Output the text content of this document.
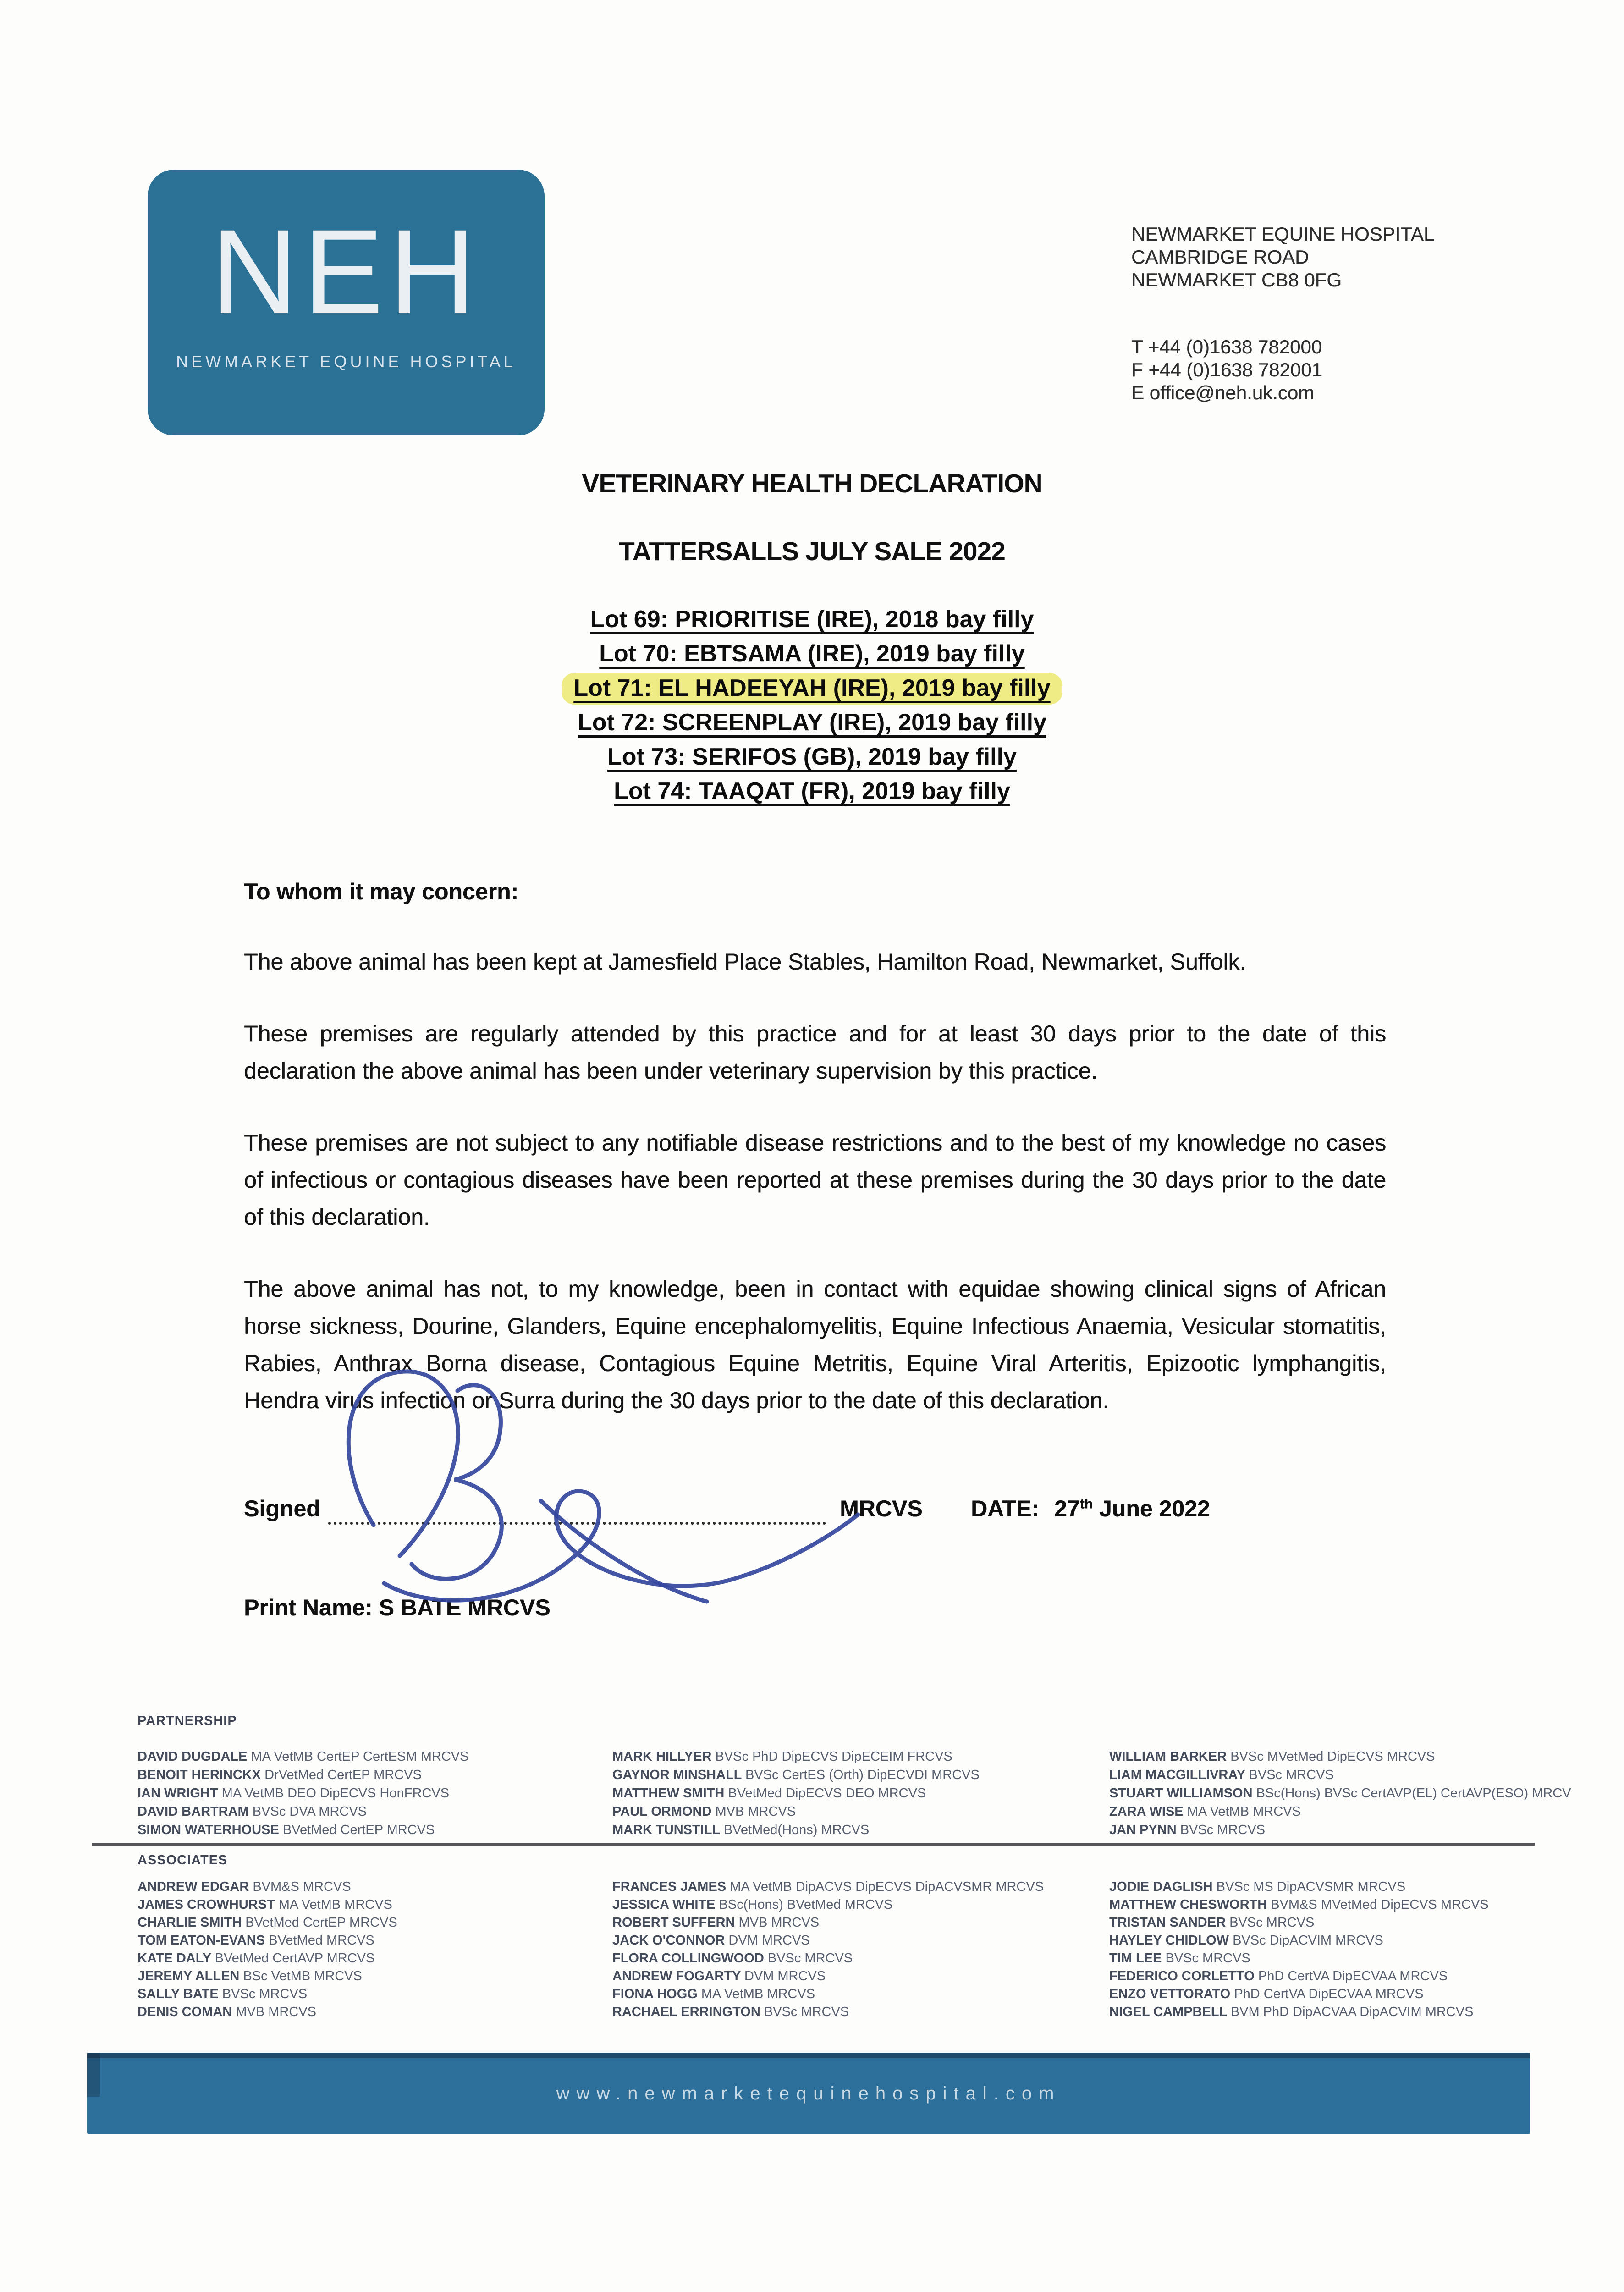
NEH
NEWMARKET EQUINE HOSPITAL
NEWMARKET EQUINE HOSPITAL
CAMBRIDGE ROAD
NEWMARKET CB8 0FG
T +44 (0)1638 782000
F +44 (0)1638 782001
E office@neh.uk.com
VETERINARY HEALTH DECLARATION
TATTERSALLS JULY SALE 2022
Lot 69: PRIORITISE (IRE), 2018 bay filly
Lot 70: EBTSAMA (IRE), 2019 bay filly
Lot 71: EL HADEEYAH (IRE), 2019 bay filly
Lot 72: SCREENPLAY (IRE), 2019 bay filly
Lot 73: SERIFOS (GB), 2019 bay filly
Lot 74: TAAQAT (FR), 2019 bay filly
To whom it may concern:
The above animal has been kept at Jamesfield Place Stables, Hamilton Road, Newmarket, Suffolk.
These premises are regularly attended by this practice and for at least 30 days prior to the date of this declaration the above animal has been under veterinary supervision by this practice.
These premises are not subject to any notifiable disease restrictions and to the best of my knowledge no cases of infectious or contagious diseases have been reported at these premises during the 30 days prior to the date of this declaration.
The above animal has not, to my knowledge, been in contact with equidae showing clinical signs of African horse sickness, Dourine, Glanders, Equine encephalomyelitis, Equine Infectious Anaemia, Vesicular stomatitis, Rabies, Anthrax Borna disease, Contagious Equine Metritis, Equine Viral Arteritis, Epizootic lymphangitis, Hendra virus infection or Surra during the 30 days prior to the date of this declaration.
Signed	MRCVS DATE: 27th June 2022
Print Name: S BATE MRCVS
PARTNERSHIP
DAVID DUGDALE MA VetMB CertEP CertESM MRCVS
BENOIT HERINCKX DrVetMed CertEP MRCVS
IAN WRIGHT MA VetMB DEO DipECVS HonFRCVS
DAVID BARTRAM BVSc DVA MRCVS
SIMON WATERHOUSE BVetMed CertEP MRCVS
MARK HILLYER BVSc PhD DipECVS DipECEIM FRCVS
GAYNOR MINSHALL BVSc CertES (Orth) DipECVDI MRCVS
MATTHEW SMITH BVetMed DipECVS DEO MRCVS
PAUL ORMOND MVB MRCVS
MARK TUNSTILL BVetMed(Hons) MRCVS
WILLIAM BARKER BVSc MVetMed DipECVS MRCVS
LIAM MACGILLIVRAY BVSc MRCVS
STUART WILLIAMSON BSc(Hons) BVSc CertAVP(EL) CertAVP(ESO) MRCV
ZARA WISE MA VetMB MRCVS
JAN PYNN BVSc MRCVS
ASSOCIATES
ANDREW EDGAR BVM&S MRCVS
JAMES CROWHURST MA VetMB MRCVS
CHARLIE SMITH BVetMed CertEP MRCVS
TOM EATON-EVANS BVetMed MRCVS
KATE DALY BVetMed CertAVP MRCVS
JEREMY ALLEN BSc VetMB MRCVS
SALLY BATE BVSc MRCVS
DENIS COMAN MVB MRCVS
FRANCES JAMES MA VetMB DipACVS DipECVS DipACVSMR MRCVS
JESSICA WHITE BSc(Hons) BVetMed MRCVS
ROBERT SUFFERN MVB MRCVS
JACK O'CONNOR DVM MRCVS
FLORA COLLINGWOOD BVSc MRCVS
ANDREW FOGARTY DVM MRCVS
FIONA HOGG MA VetMB MRCVS
RACHAEL ERRINGTON BVSc MRCVS
JODIE DAGLISH BVSc MS DipACVSMR MRCVS
MATTHEW CHESWORTH BVM&S MVetMed DipECVS MRCVS
TRISTAN SANDER BVSc MRCVS
HAYLEY CHIDLOW BVSc DipACVIM MRCVS
TIM LEE BVSc MRCVS
FEDERICO CORLETTO PhD CertVA DipECVAA MRCVS
ENZO VETTORATO PhD CertVA DipECVAA MRCVS
NIGEL CAMPBELL BVM PhD DipACVAA DipACVIM MRCVS
www.newmarketequinehospital.com
